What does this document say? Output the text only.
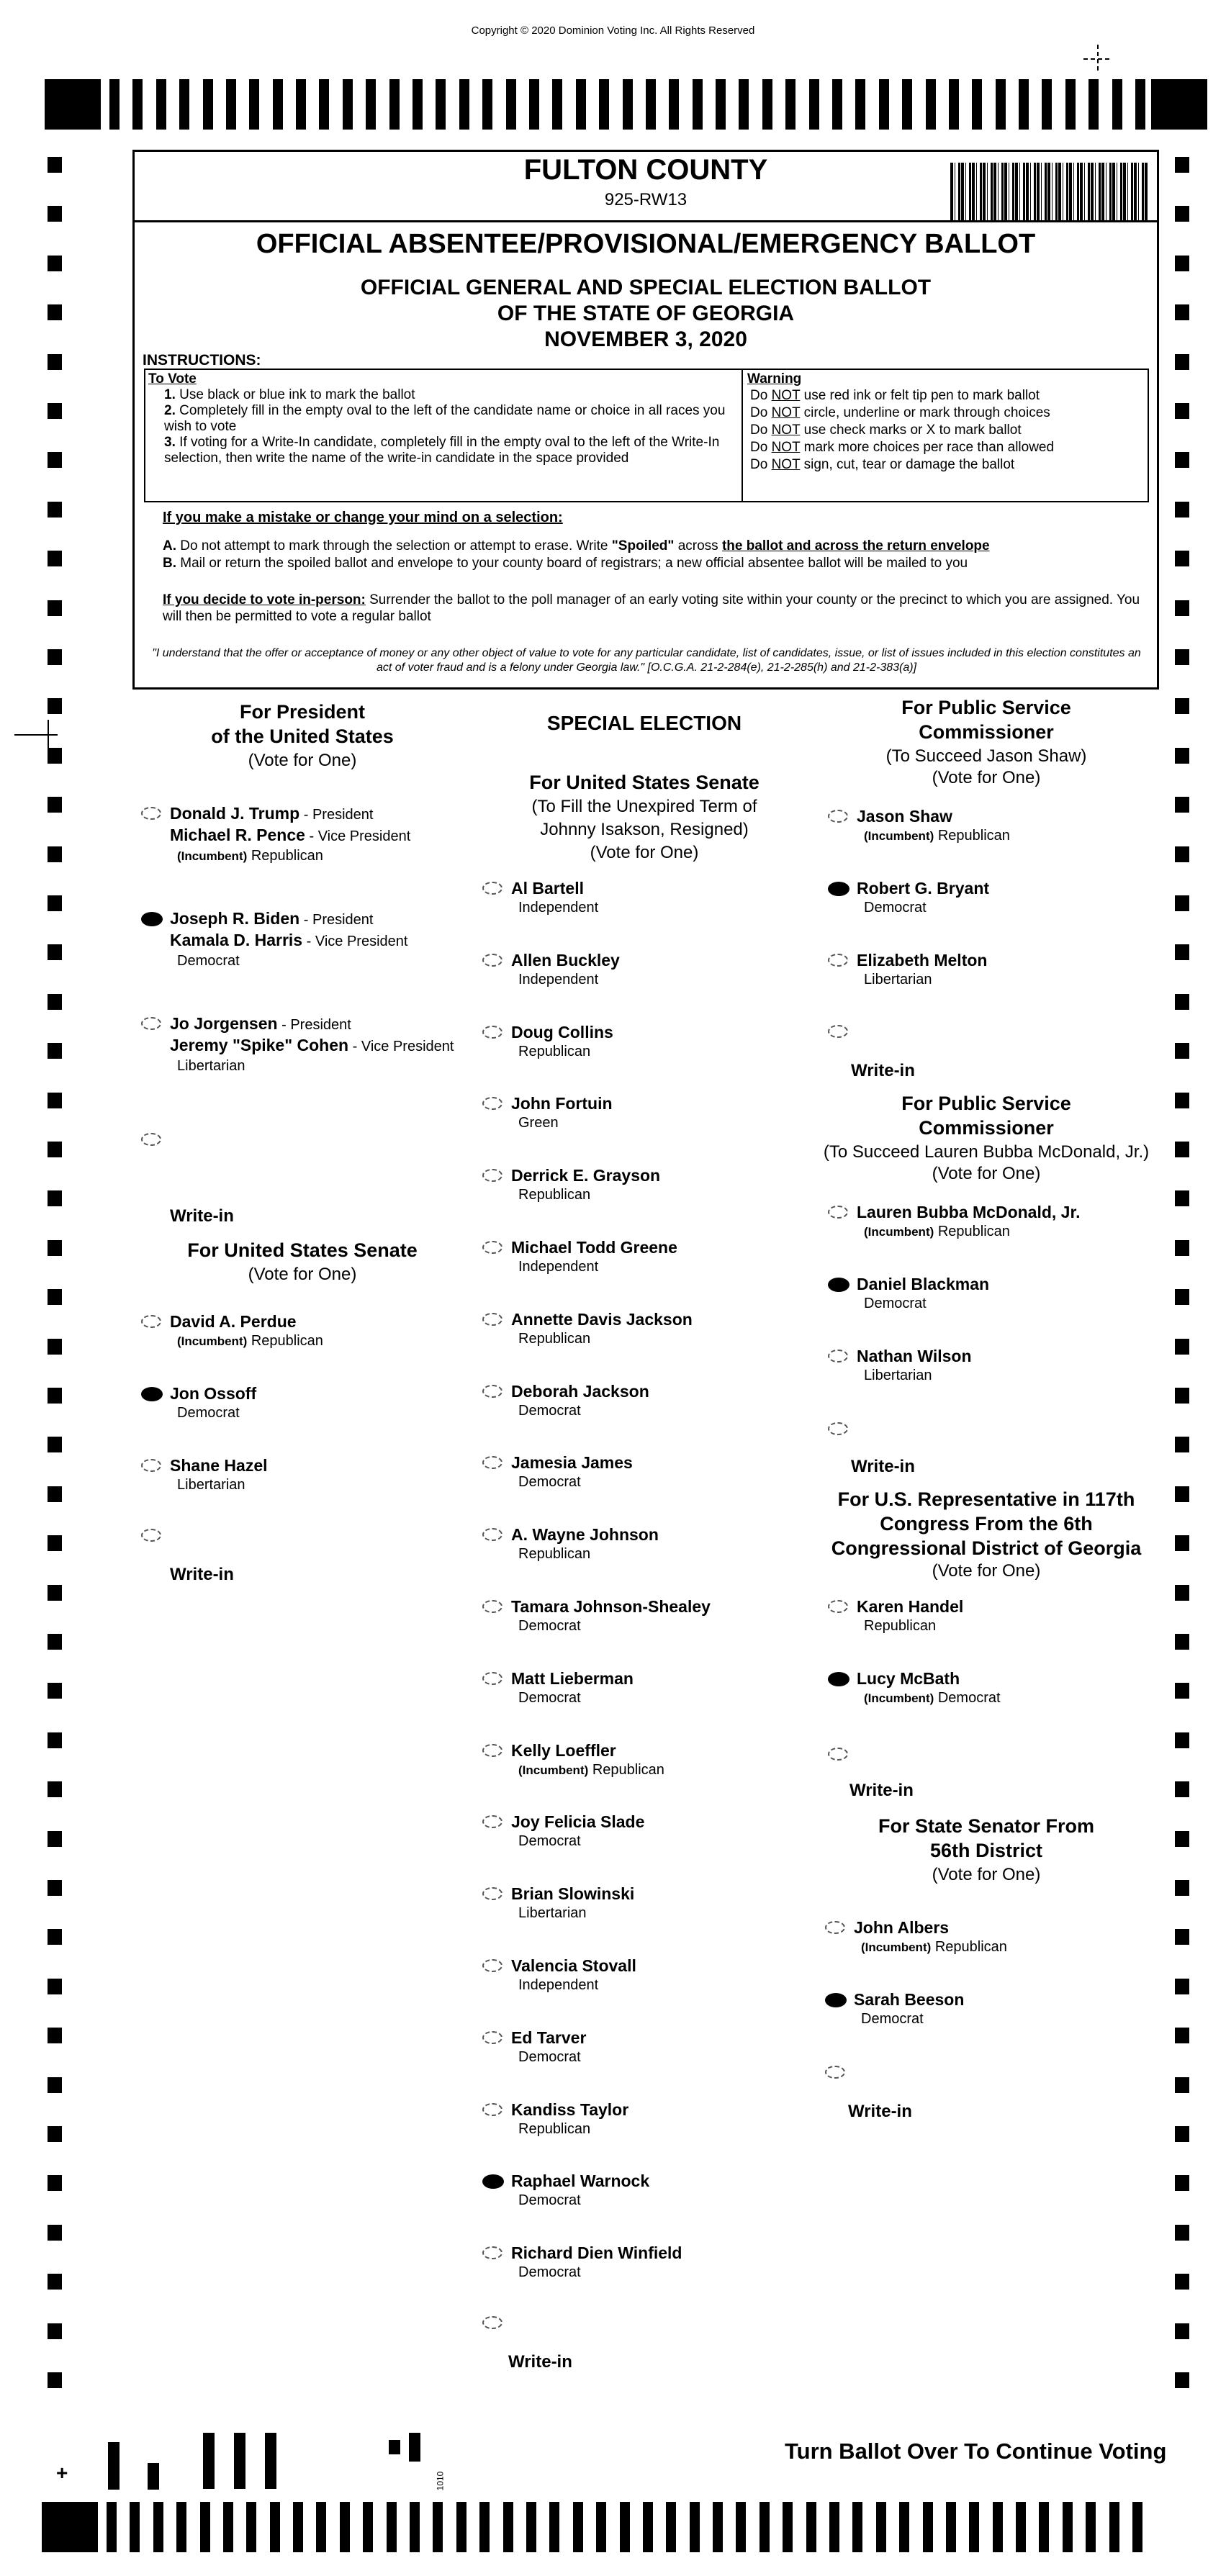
Copyright © 2020 Dominion Voting Inc. All Rights Reserved
FULTON COUNTY
925-RW13
OFFICIAL ABSENTEE/PROVISIONAL/EMERGENCY BALLOT
OFFICIAL GENERAL AND SPECIAL ELECTION BALLOT
OF THE STATE OF GEORGIA
NOVEMBER 3, 2020
INSTRUCTIONS:
To Vote
1. Use black or blue ink to mark the ballot
2. Completely fill in the empty oval to the left of the candidate name or choice in all races you wish to vote
3. If voting for a Write-In candidate, completely fill in the empty oval to the left of the Write-In selection, then write the name of the write-in candidate in the space provided
Warning
Do NOT use red ink or felt tip pen to mark ballot
Do NOT circle, underline or mark through choices
Do NOT use check marks or X to mark ballot
Do NOT mark more choices per race than allowed
Do NOT sign, cut, tear or damage the ballot
If you make a mistake or change your mind on a selection:
A. Do not attempt to mark through the selection or attempt to erase. Write "Spoiled" across the ballot and across the return envelope
B. Mail or return the spoiled ballot and envelope to your county board of registrars; a new official absentee ballot will be mailed to you
If you decide to vote in-person: Surrender the ballot to the poll manager of an early voting site within your county or the precinct to which you are assigned. You will then be permitted to vote a regular ballot
"I understand that the offer or acceptance of money or any other object of value to vote for any particular candidate, list of candidates, issue, or list of issues included in this election constitutes an act of voter fraud and is a felony under Georgia law." [O.C.G.A. 21-2-284(e), 21-2-285(h) and 21-2-383(a)]
For President
of the United States
(Vote for One)
Donald J. Trump - President
Michael R. Pence - Vice President
(Incumbent) Republican
Joseph R. Biden - President
Kamala D. Harris - Vice President
Democrat
Jo Jorgensen - President
Jeremy "Spike" Cohen - Vice President
Libertarian
Write-in
For United States Senate
(Vote for One)
David A. Perdue
(Incumbent) Republican
Jon Ossoff
Democrat
Shane Hazel
Libertarian
Write-in
SPECIAL ELECTION
For United States Senate
(To Fill the Unexpired Term of
Johnny Isakson, Resigned)
(Vote for One)
Al Bartell
Independent
Allen Buckley
Independent
Doug Collins
Republican
John Fortuin
Green
Derrick E. Grayson
Republican
Michael Todd Greene
Independent
Annette Davis Jackson
Republican
Deborah Jackson
Democrat
Jamesia James
Democrat
A. Wayne Johnson
Republican
Tamara Johnson-Shealey
Democrat
Matt Lieberman
Democrat
Kelly Loeffler
(Incumbent) Republican
Joy Felicia Slade
Democrat
Brian Slowinski
Libertarian
Valencia Stovall
Independent
Ed Tarver
Democrat
Kandiss Taylor
Republican
Raphael Warnock
Democrat
Richard Dien Winfield
Democrat
Write-in
For Public Service
Commissioner
(To Succeed Jason Shaw)
(Vote for One)
Jason Shaw
(Incumbent) Republican
Robert G. Bryant
Democrat
Elizabeth Melton
Libertarian
Write-in
For Public Service
Commissioner
(To Succeed Lauren Bubba McDonald, Jr.)
(Vote for One)
Lauren Bubba McDonald, Jr.
(Incumbent) Republican
Daniel Blackman
Democrat
Nathan Wilson
Libertarian
Write-in
For U.S. Representative in 117th
Congress From the 6th
Congressional District of Georgia
(Vote for One)
Karen Handel
Republican
Lucy McBath
(Incumbent) Democrat
Write-in
For State Senator From
56th District
(Vote for One)
John Albers
(Incumbent) Republican
Sarah Beeson
Democrat
Write-in
Turn Ballot Over To Continue Voting
+	1010
